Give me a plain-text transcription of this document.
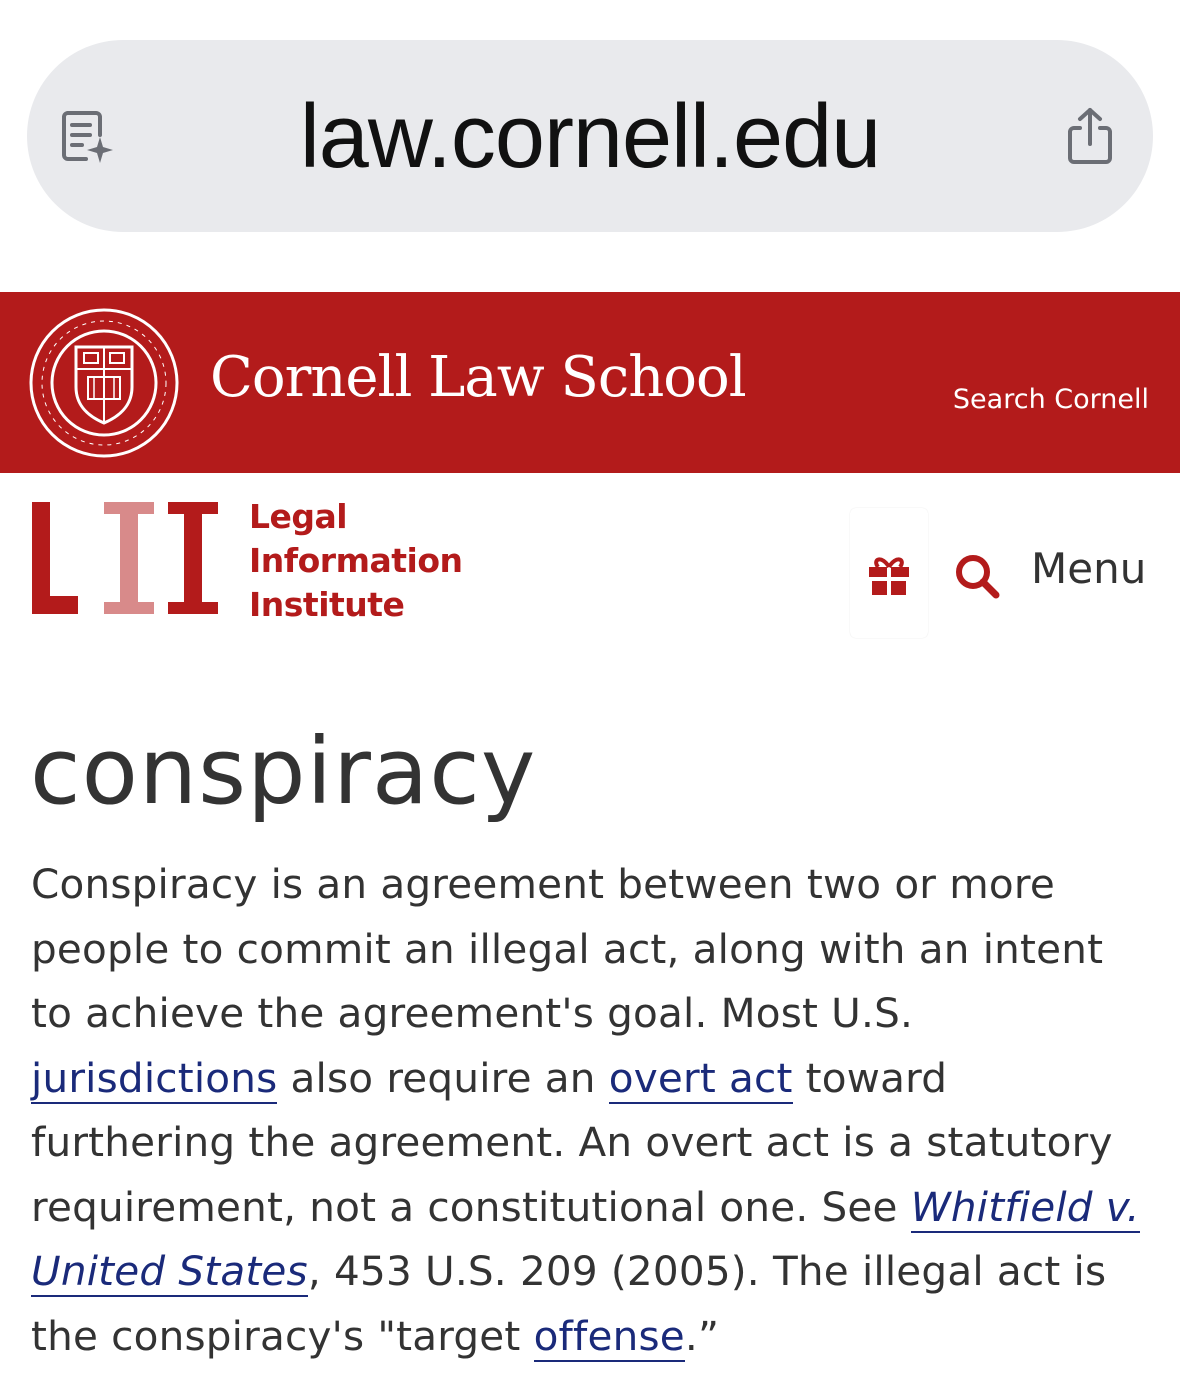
law.cornell.edu
Cornell Law School	Search Cornell
Legal
Information
Institute
Menu
conspiracy

Conspiracy is an agreement between two or more people to commit an illegal act, along with an intent to achieve the agreement's goal. Most U.S. jurisdictions also require an overt act toward furthering the agreement. An overt act is a statutory requirement, not a constitutional one. See Whitfield v. United States, 453 U.S. 209 (2005). The illegal act is the conspiracy's "target offense.”
